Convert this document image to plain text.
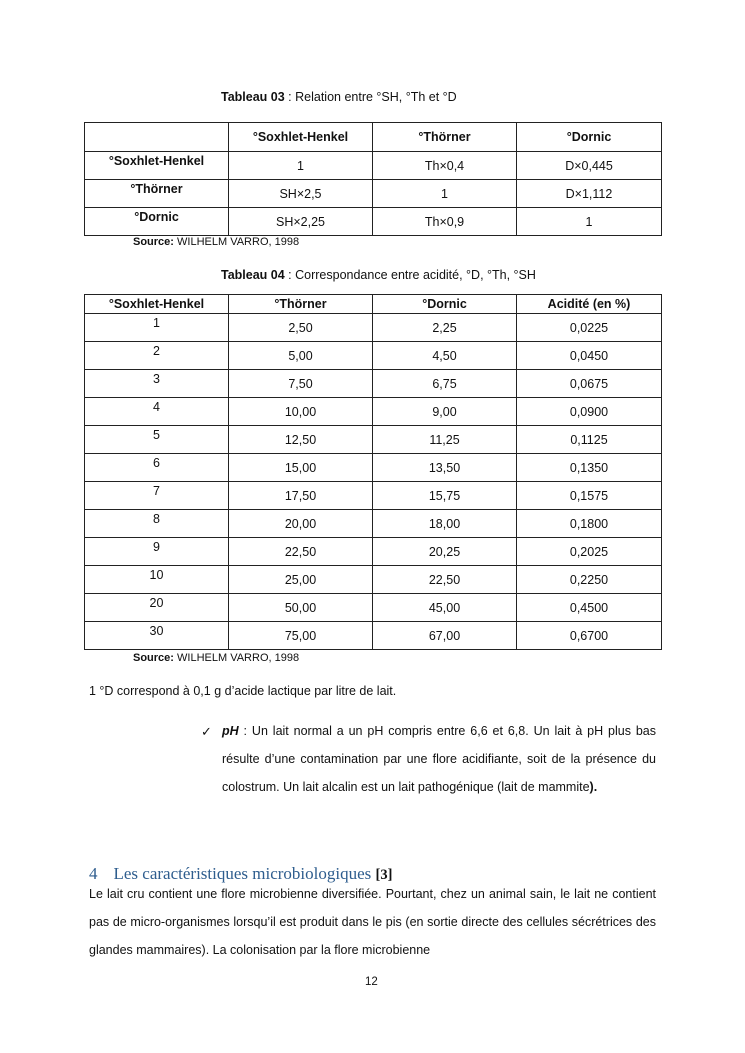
Tableau 03 : Relation entre °SH, °Th et °D
	°Soxhlet-Henkel	°Thörner	°Dornic
°Soxhlet-Henkel	1	Th×0,4	D×0,445
°Thörner	SH×2,5	1	D×1,112
°Dornic	SH×2,25	Th×0,9	1
Source: WILHELM VARRO, 1998
Tableau 04 : Correspondance entre acidité, °D, °Th, °SH
°Soxhlet-Henkel	°Thörner	°Dornic	Acidité (en %)
1	2,50	2,25	0,0225
2	5,00	4,50	0,0450
3	7,50	6,75	0,0675
4	10,00	9,00	0,0900
5	12,50	11,25	0,1125
6	15,00	13,50	0,1350
7	17,50	15,75	0,1575
8	20,00	18,00	0,1800
9	22,50	20,25	0,2025
10	25,00	22,50	0,2250
20	50,00	45,00	0,4500
30	75,00	67,00	0,6700
Source: WILHELM VARRO, 1998
1 °D correspond à 0,1 g d’acide lactique par litre de lait.
✓ pH : Un lait normal a un pH compris entre 6,6 et 6,8. Un lait à pH plus bas résulte d’une contamination par une flore acidifiante, soit de la présence du colostrum. Un lait alcalin est un lait pathogénique (lait de mammite).
4 Les caractéristiques microbiologiques [3]
Le lait cru contient une flore microbienne diversifiée. Pourtant, chez un animal sain, le lait ne contient pas de micro-organismes lorsqu’il est produit dans le pis (en sortie directe des cellules sécrétrices des glandes mammaires). La colonisation par la flore microbienne
12
